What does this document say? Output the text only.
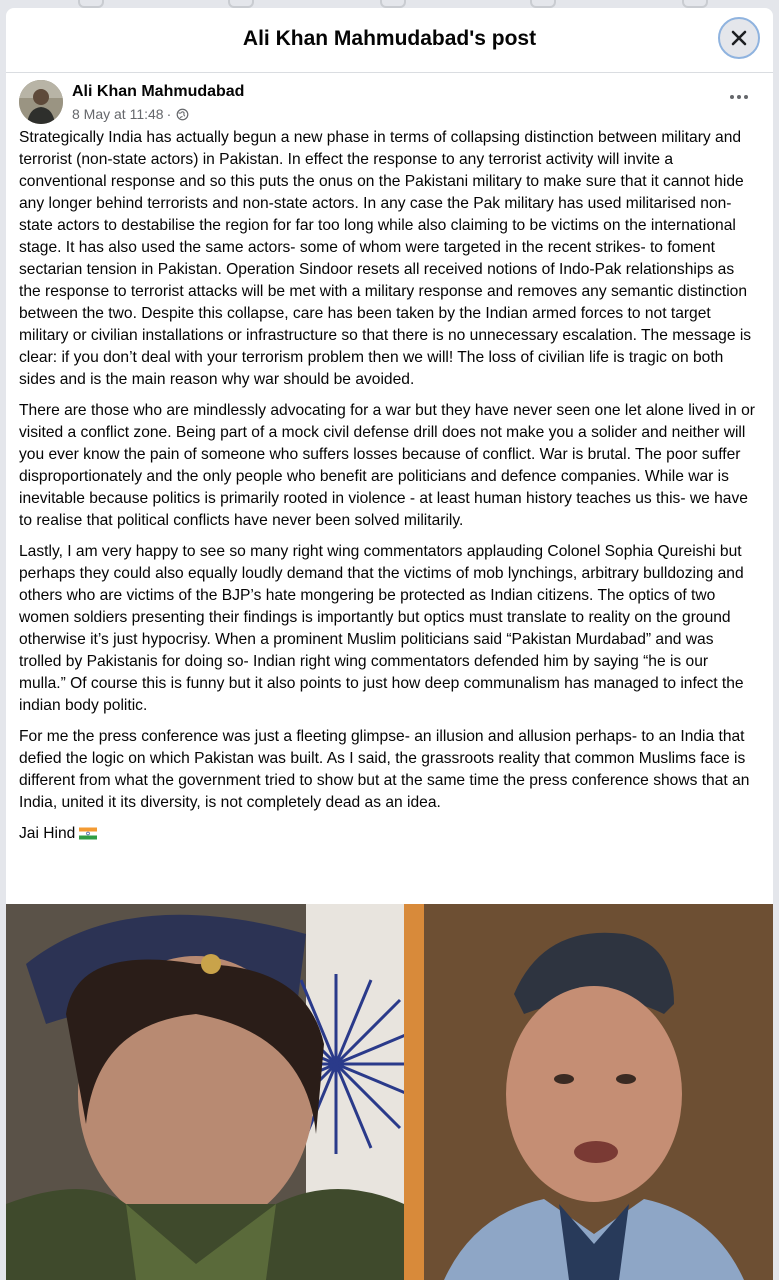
Ali Khan Mahmudabad's post
Ali Khan Mahmudabad
8 May at 11:48 ·

Strategically India has actually begun a new phase in terms of collapsing distinction between military and terrorist (non-state actors) in Pakistan. In effect the response to any terrorist activity will invite a conventional response and so this puts the onus on the Pakistani military to make sure that it cannot hide any longer behind terrorists and non-state actors. In any case the Pak military has used militarised non-state actors to destabilise the region for far too long while also claiming to be victims on the international stage. It has also used the same actors- some of whom were targeted in the recent strikes- to foment sectarian tension in Pakistan. Operation Sindoor resets all received notions of Indo-Pak relationships as the response to terrorist attacks will be met with a military response and removes any semantic distinction between the two. Despite this collapse, care has been taken by the Indian armed forces to not target military or civilian installations or infrastructure so that there is no unnecessary escalation. The message is clear: if you don’t deal with your terrorism problem then we will! The loss of civilian life is tragic on both sides and is the main reason why war should be avoided.

There are those who are mindlessly advocating for a war but they have never seen one let alone lived in or visited a conflict zone. Being part of a mock civil defense drill does not make you a solider and neither will you ever know the pain of someone who suffers losses because of conflict. War is brutal. The poor suffer disproportionately and the only people who benefit are politicians and defence companies. While war is inevitable because politics is primarily rooted in violence - at least human history teaches us this- we have to realise that political conflicts have never been solved militarily.

Lastly, I am very happy to see so many right wing commentators applauding Colonel Sophia Qureishi but perhaps they could also equally loudly demand that the victims of mob lynchings, arbitrary bulldozing and others who are victims of the BJP’s hate mongering be protected as Indian citizens. The optics of two women soldiers presenting their findings is importantly but optics must translate to reality on the ground otherwise it’s just hypocrisy. When a prominent Muslim politicians said “Pakistan Murdabad” and was trolled by Pakistanis for doing so- Indian right wing commentators defended him by saying “he is our mulla.” Of course this is funny but it also points to just how deep communalism has managed to infect the indian body politic.

For me the press conference was just a fleeting glimpse- an illusion and allusion perhaps- to an India that defied the logic on which Pakistan was built. As I said, the grassroots reality that common Muslims face is different from what the government tried to show but at the same time the press conference shows that an India, united it its diversity, is not completely dead as an idea.

Jai Hind
